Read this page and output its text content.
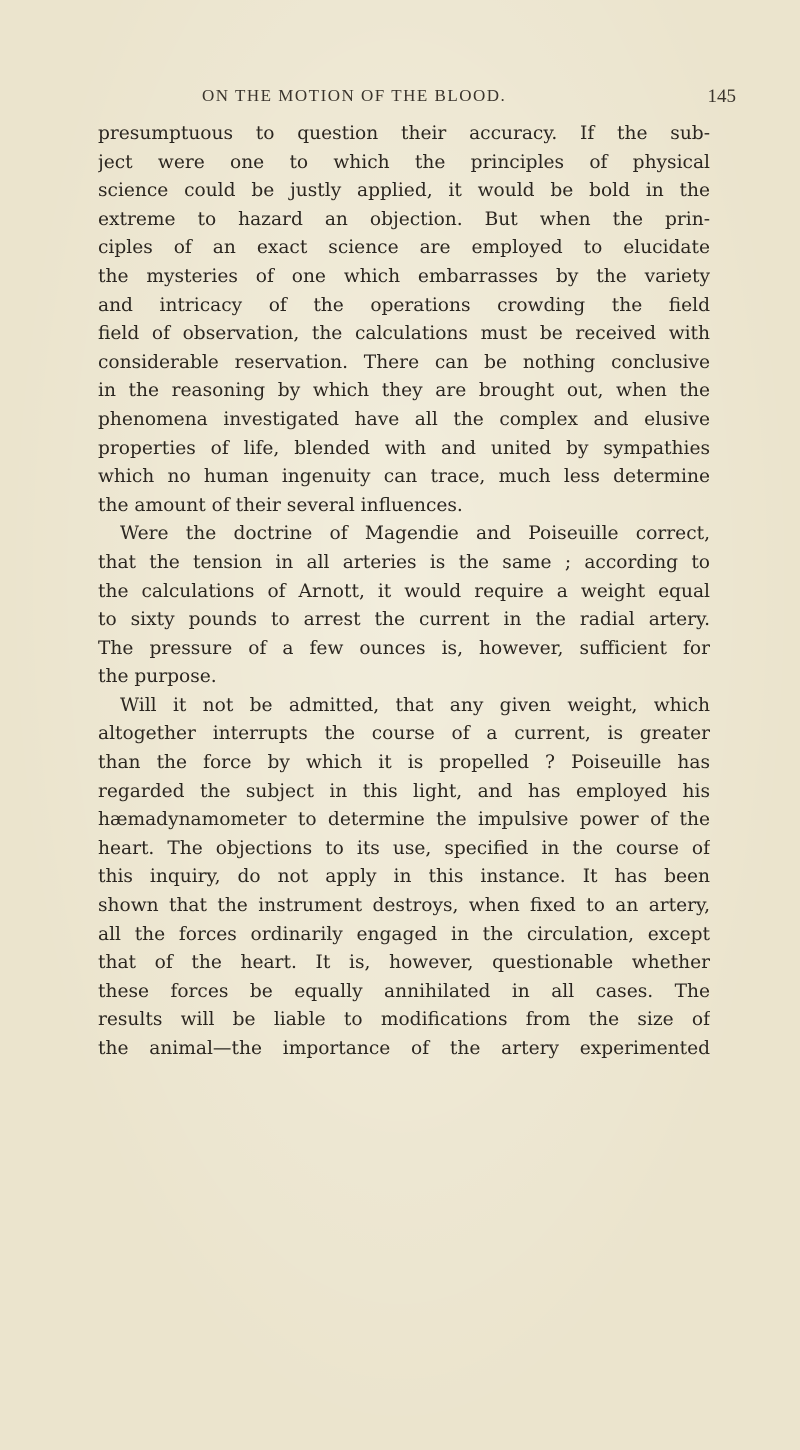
ON THE MOTION OF THE BLOOD.	145
presumptuous to question their accuracy. If the sub-
ject were one to which the principles of physical
science could be justly applied, it would be bold in the
extreme to hazard an objection. But when the prin-
ciples of an exact science are employed to elucidate
the mysteries of one which embarrasses by the variety
and intricacy of the operations crowding the field
field of observation, the calculations must be received with
considerable reservation. There can be nothing conclusive
in the reasoning by which they are brought out, when the
phenomena investigated have all the complex and elusive
properties of life, blended with and united by sympathies
which no human ingenuity can trace, much less determine
the amount of their several influences.
Were the doctrine of Magendie and Poiseuille correct,
that the tension in all arteries is the same ; according to
the calculations of Arnott, it would require a weight equal
to sixty pounds to arrest the current in the radial artery.
The pressure of a few ounces is, however, sufficient for
the purpose.
Will it not be admitted, that any given weight, which
altogether interrupts the course of a current, is greater
than the force by which it is propelled ? Poiseuille has
regarded the subject in this light, and has employed his
hæmadynamometer to determine the impulsive power of the
heart. The objections to its use, specified in the course of
this inquiry, do not apply in this instance. It has been
shown that the instrument destroys, when fixed to an artery,
all the forces ordinarily engaged in the circulation, except
that of the heart. It is, however, questionable whether
these forces be equally annihilated in all cases. The
results will be liable to modifications from the size of
the animal—the importance of the artery experimented
